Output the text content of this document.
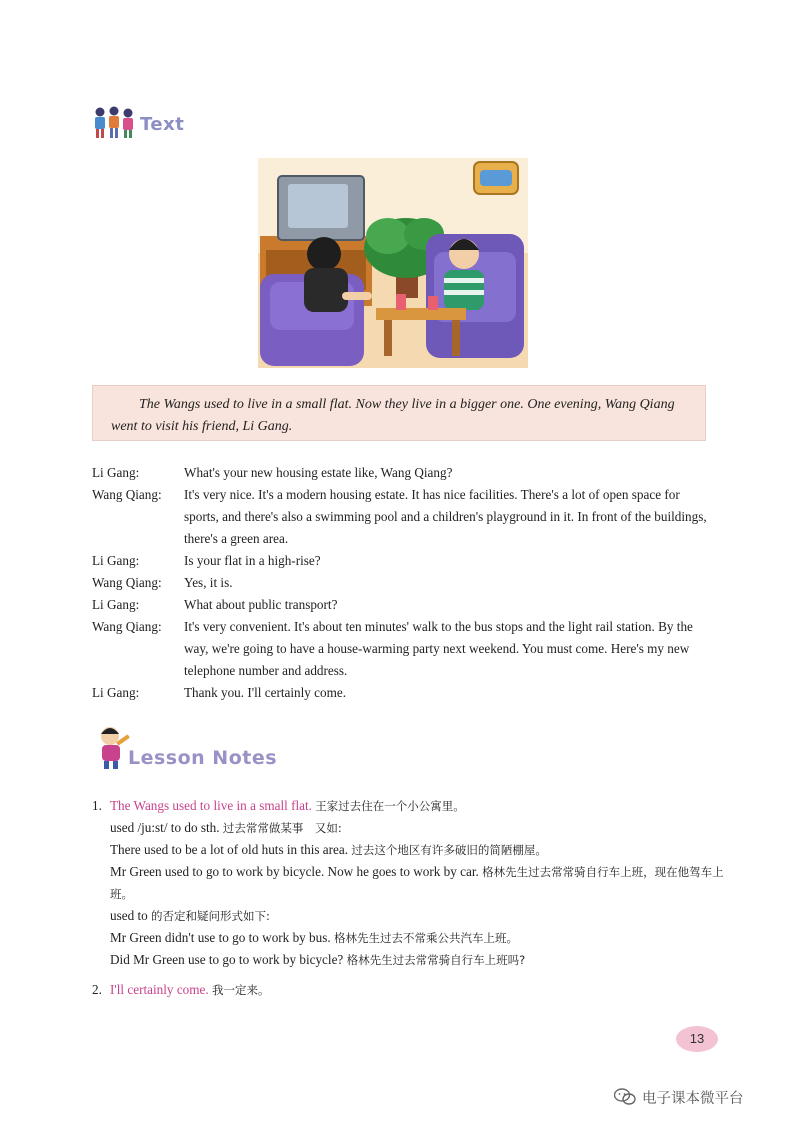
Text
The Wangs used to live in a small flat. Now they live in a bigger one. One evening, Wang Qiang went to visit his friend, Li Gang.
Li Gang:	What's your new housing estate like, Wang Qiang?
Wang Qiang:	It's very nice. It's a modern housing estate. It has nice facilities. There's a lot of open space for sports, and there's also a swimming pool and a children's playground in it. In front of the buildings, there's a green area.
Li Gang:	Is your flat in a high-rise?
Wang Qiang:	Yes, it is.
Li Gang:	What about public transport?
Wang Qiang:	It's very convenient. It's about ten minutes' walk to the bus stops and the light rail station. By the way, we're going to have a house-warming party next weekend. You must come. Here's my new telephone number and address.
Li Gang:	Thank you. I'll certainly come.
Lesson Notes
1. The Wangs used to live in a small flat. 王家过去住在一个小公寓里。
used /ju:st/ to do sth. 过去常常做某事　又如:
There used to be a lot of old huts in this area. 过去这个地区有许多破旧的简陋棚屋。
Mr Green used to go to work by bicycle. Now he goes to work by car. 格林先生过去常常骑自行车上班，现在他驾车上班。
used to 的否定和疑问形式如下:
Mr Green didn't use to go to work by bus. 格林先生过去不常乘公共汽车上班。
Did Mr Green use to go to work by bicycle? 格林先生过去常常骑自行车上班吗?
2. I'll certainly come. 我一定来。
13
电子课本微平台
